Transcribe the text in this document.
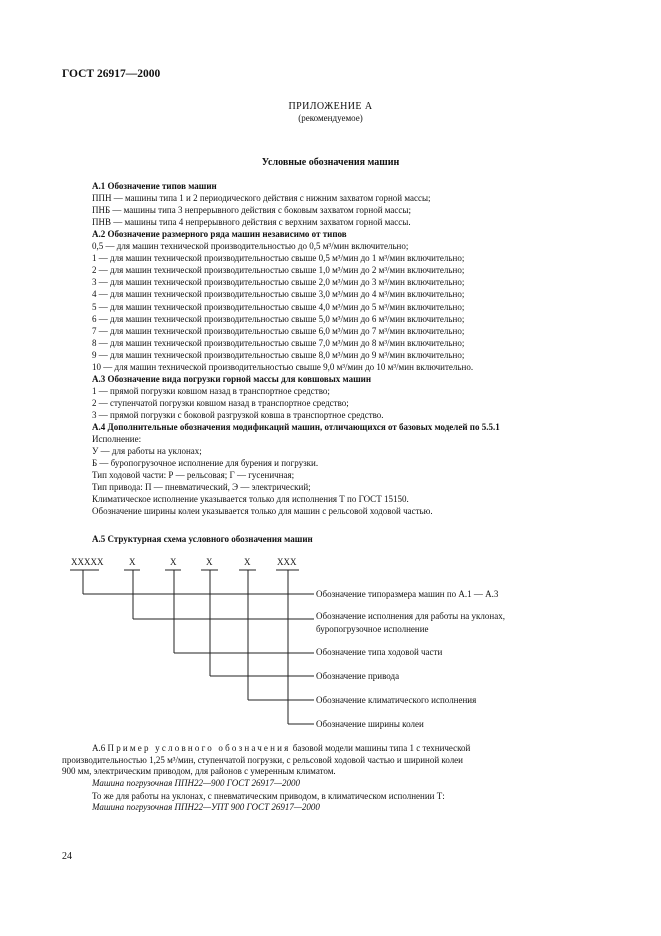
ГОСТ 26917—2000
ПРИЛОЖЕНИЕ А
(рекомендуемое)
Условные обозначения машин
А.1 Обозначение типов машин
ППН — машины типа 1 и 2 периодического действия с нижним захватом горной массы;
ПНБ — машины типа 3 непрерывного действия с боковым захватом горной массы;
ПНВ — машины типа 4 непрерывного действия с верхним захватом горной массы.
А.2 Обозначение размерного ряда машин независимо от типов
0,5 — для машин технической производительностью до 0,5 м³/мин включительно;
1 — для машин технической производительностью свыше 0,5 м³/мин до 1 м³/мин включительно;
2 — для машин технической производительностью свыше 1,0 м³/мин до 2 м³/мин включительно;
3 — для машин технической производительностью свыше 2,0 м³/мин до 3 м³/мин включительно;
4 — для машин технической производительностью свыше 3,0 м³/мин до 4 м³/мин включительно;
5 — для машин технической производительностью свыше 4,0 м³/мин до 5 м³/мин включительно;
6 — для машин технической производительностью свыше 5,0 м³/мин до 6 м³/мин включительно;
7 — для машин технической производительностью свыше 6,0 м³/мин до 7 м³/мин включительно;
8 — для машин технической производительностью свыше 7,0 м³/мин до 8 м³/мин включительно;
9 — для машин технической производительностью свыше 8,0 м³/мин до 9 м³/мин включительно;
10 — для машин технической производительностью свыше 9,0 м³/мин до 10 м³/мин включительно.
А.3 Обозначение вида погрузки горной массы для ковшовых машин
1 — прямой погрузки ковшом назад в транспортное средство;
2 — ступенчатой погрузки ковшом назад в транспортное средство;
3 — прямой погрузки с боковой разгрузкой ковша в транспортное средство.
А.4 Дополнительные обозначения модификаций машин, отличающихся от базовых моделей по 5.5.1
Исполнение:
У — для работы на уклонах;
Б — буропогрузочное исполнение для бурения и погрузки.
Тип ходовой части: Р — рельсовая; Г — гусеничная;
Тип привода: П — пневматический, Э — электрический;
Климатическое исполнение указывается только для исполнения Т по ГОСТ 15150.
Обозначение ширины колеи указывается только для машин с рельсовой ходовой частью.
А.5 Структурная схема условного обозначения машин
ХХХХХ	Х	Х	Х	Х	ХХХ
Обозначение типоразмера машин по А.1 — А.3
Обозначение исполнения для работы на уклонах,
буропогрузочное исполнение
Обозначение типа ходовой части
Обозначение привода
Обозначение климатического исполнения
Обозначение ширины колеи
А.6 Пример условного обозначения базовой модели машины типа 1 с технической
производительностью 1,25 м³/мин, ступенчатой погрузки, с рельсовой ходовой частью и шириной колеи
900 мм, электрическим приводом, для районов с умеренным климатом.
Машина погрузочная ППН22—900 ГОСТ 26917—2000
То же для работы на уклонах, с пневматическим приводом, в климатическом исполнении Т:
Машина погрузочная ППН22—УПТ 900 ГОСТ 26917—2000
24
